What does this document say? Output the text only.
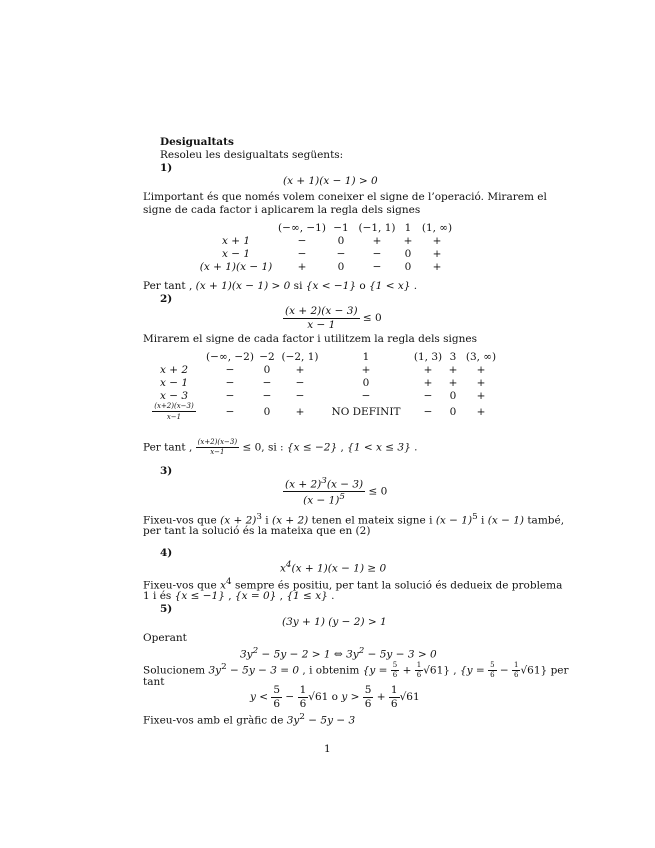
Desigualtats
Resoleu les desigualtats següents:
1)
(x + 1)(x − 1) > 0
L’important és que només volem coneixer el signe de l’operació. Mirarem el
signe de cada factor i aplicarem la regla dels signes
	(−∞, −1)	−1	(−1, 1)	1	(1, ∞)
x + 1	−	0	+	+	+
x − 1	−	−	−	0	+
(x + 1)(x − 1)	+	0	−	0	+
Per tant , (x + 1)(x − 1) > 0 si {x < −1} o {1 < x} .
2)
$\frac{(x + 2)(x - 3)}{x - 1} \le 0$
Mirarem el signe de cada factor i utilitzem la regla dels signes
	(−∞, −2)	−2	(−2, 1)	1	(1, 3)	3	(3, ∞)
x + 2	−	0	+	+	+	+	+
x − 1	−	−	−	0	+	+	+
x − 3	−	−	−	−	−	0	+

$\frac{(x+2)(x-3)}{x-1}$	−	0	+	NO DEFINIT	−	0	+
Per tant , $\frac{(x+2)(x-3)}{x-1} \le 0$, si : {x ≤ −2} , {1 < x ≤ 3} .
3)
$\frac{(x + 2)^3(x - 3)}{(x - 1)^5} \le 0$
Fixeu-vos que $(x + 2)^3$ i (x + 2) tenen el mateix signe i $(x - 1)^5$ i (x − 1) també,
per tant la solució és la mateixa que en (2)
4)
$x^4(x + 1)(x - 1) \ge 0$
Fixeu-vos que $x^4$ sempre és positiu, per tant la solució és dedueix de problema
1 i és {x ≤ −1} , {x = 0} , {1 ≤ x} .
5)
(3y + 1) (y − 2) > 1
Operant
$3y^2 - 5y - 2 > 1$ ⇔ $3y^2 - 5y - 3 > 0$
Solucionem $3y^2 - 5y - 3 = 0$ , i obtenim $\{y = \frac{5}{6} + \frac{1}{6} √61\}$ , $\{y = \frac{5}{6} - \frac{1}{6} √61\}$ per
tant
$y < \frac{5}{6} - \frac{1}{6} √61$ o $y > \frac{5}{6} + \frac{1}{6} √61$
Fixeu-vos amb el gràfic de $3y^2 - 5y - 3$
1
